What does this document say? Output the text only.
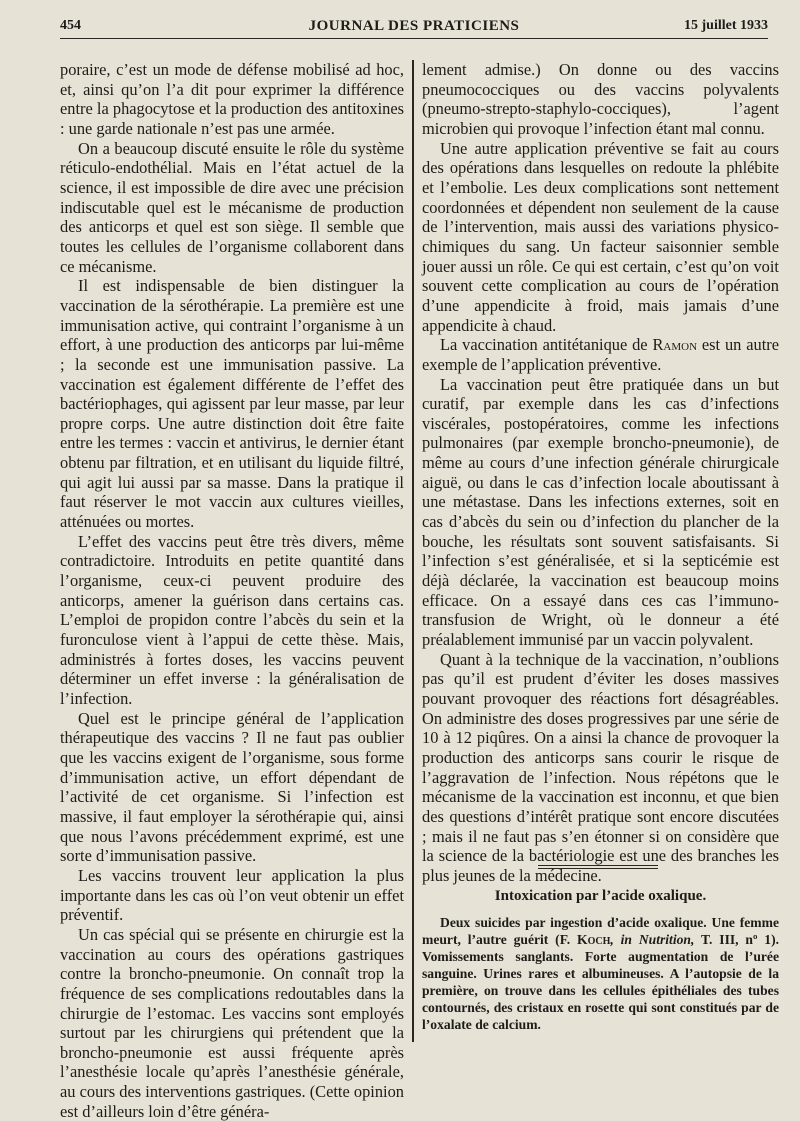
454	JOURNAL DES PRATICIENS	15 juillet 1933

poraire, c’est un mode de défense mobilisé ad hoc, et, ainsi qu’on l’a dit pour exprimer la différence entre la phagocytose et la production des antitoxines : une garde nationale n’est pas une armée.

On a beaucoup discuté ensuite le rôle du système réticulo-endothélial. Mais en l’état actuel de la science, il est impossible de dire avec une précision indiscutable quel est le mécanisme de production des anticorps et quel est son siège. Il semble que toutes les cellules de l’organisme collaborent dans ce mécanisme.

Il est indispensable de bien distinguer la vaccination de la sérothérapie. La première est une immunisation active, qui contraint l’organisme à un effort, à une production des anticorps par lui-même ; la seconde est une immunisation passive. La vaccination est également différente de l’effet des bactériophages, qui agissent par leur masse, par leur propre corps. Une autre distinction doit être faite entre les termes : vaccin et antivirus, le dernier étant obtenu par filtration, et en utilisant du liquide filtré, qui agit lui aussi par sa masse. Dans la pratique il faut réserver le mot vaccin aux cultures vieilles, atténuées ou mortes.

L’effet des vaccins peut être très divers, même contradictoire. Introduits en petite quantité dans l’organisme, ceux-ci peuvent produire des anticorps, amener la guérison dans certains cas. L’emploi de propidon contre l’abcès du sein et la furonculose vient à l’appui de cette thèse. Mais, administrés à fortes doses, les vaccins peuvent déterminer un effet inverse : la généralisation de l’infection.

Quel est le principe général de l’application thérapeutique des vaccins ? Il ne faut pas oublier que les vaccins exigent de l’organisme, sous forme d’immunisation active, un effort dépendant de l’activité de cet organisme. Si l’infection est massive, il faut employer la sérothérapie qui, ainsi que nous l’avons précédemment exprimé, est une sorte d’immunisation passive.

Les vaccins trouvent leur application la plus importante dans les cas où l’on veut obtenir un effet préventif.

Un cas spécial qui se présente en chirurgie est la vaccination au cours des opérations gastriques contre la broncho-pneumonie. On connaît trop la fréquence de ses complications redoutables dans la chirurgie de l’estomac. Les vaccins sont employés surtout par les chirurgiens qui prétendent que la broncho-pneumonie est aussi fréquente après l’anesthésie locale qu’après l’anesthésie générale, au cours des interventions gastriques. (Cette opinion est d’ailleurs loin d’être généra-

lement admise.) On donne ou des vaccins pneumococciques ou des vaccins polyvalents (pneumo-strepto-staphylo-cocciques), l’agent microbien qui provoque l’infection étant mal connu.

Une autre application préventive se fait au cours des opérations dans lesquelles on redoute la phlébite et l’embolie. Les deux complications sont nettement coordonnées et dépendent non seulement de la cause de l’intervention, mais aussi des variations physico-chimiques du sang. Un facteur saisonnier semble jouer aussi un rôle. Ce qui est certain, c’est qu’on voit souvent cette complication au cours de l’opération d’une appendicite à froid, mais jamais d’une appendicite à chaud.

La vaccination antitétanique de Ramon est un autre exemple de l’application préventive.

La vaccination peut être pratiquée dans un but curatif, par exemple dans les cas d’infections viscérales, postopératoires, comme les infections pulmonaires (par exemple broncho-pneumonie), de même au cours d’une infection générale chirurgicale aiguë, ou dans le cas d’infection locale aboutissant à une métastase. Dans les infections externes, soit en cas d’abcès du sein ou d’infection du plancher de la bouche, les résultats sont souvent satisfaisants. Si l’infection s’est généralisée, et si la septicémie est déjà déclarée, la vaccination est beaucoup moins efficace. On a essayé dans ces cas l’immuno-transfusion de Wright, où le donneur a été préalablement immunisé par un vaccin polyvalent.

Quant à la technique de la vaccination, n’oublions pas qu’il est prudent d’éviter les doses massives pouvant provoquer des réactions fort désagréables. On administre des doses progressives par une série de 10 à 12 piqûres. On a ainsi la chance de provoquer la production des anticorps sans courir le risque de l’aggravation de l’infection. Nous répétons que le mécanisme de la vaccination est inconnu, et que bien des questions d’intérêt pratique sont encore discutées ; mais il ne faut pas s’en étonner si on considère que la science de la bactériologie est une des branches les plus jeunes de la médecine.

Intoxication par l’acide oxalique.

Deux suicides par ingestion d’acide oxalique. Une femme meurt, l’autre guérit (F. Koch, in Nutrition, T. III, nº 1). Vomissements sanglants. Forte augmentation de l’urée sanguine. Urines rares et albumineuses. A l’autopsie de la première, on trouve dans les cellules épithéliales des tubes contournés, des cristaux en rosette qui sont constitués par de l’oxalate de calcium.
